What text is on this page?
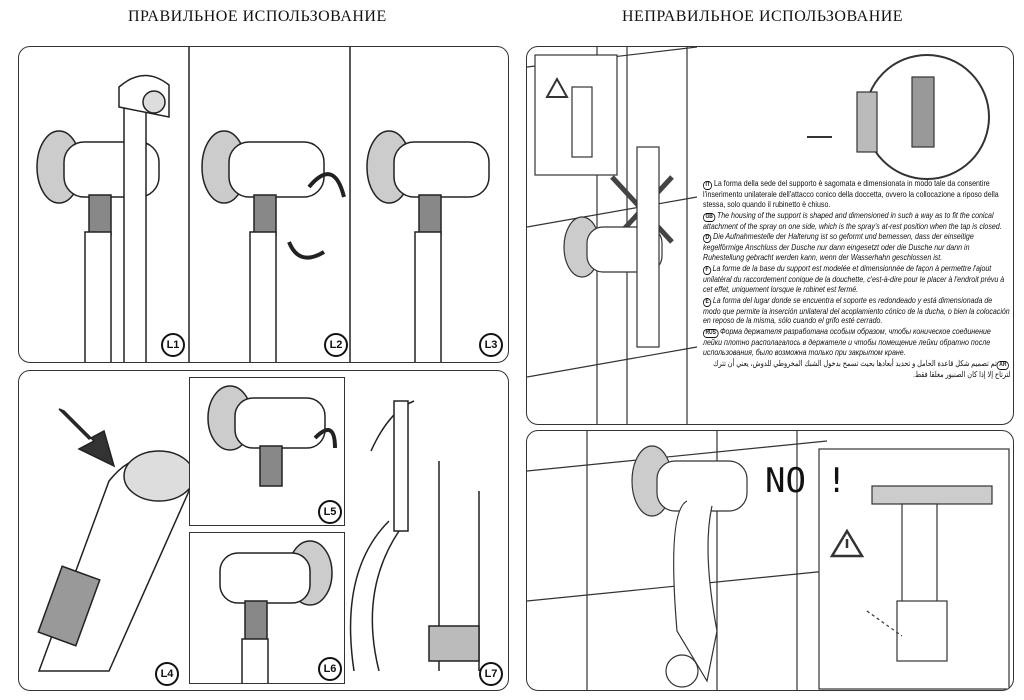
ПРАВИЛЬНОЕ ИСПОЛЬЗОВАНИЕ	НЕПРАВИЛЬНОЕ ИСПОЛЬЗОВАНИЕ
L1	L2	L3
L5
L6	L7
L4

IT La forma della sede del supporto è sagomata e dimensionata in modo tale da consentire l'inserimento unilaterale dell'attacco conico della doccetta, ovvero la collocazione a riposo della stessa, solo quando il rubinetto è chiuso.

GB The housing of the support is shaped and dimensioned in such a way as to fit the conical attachment of the spray on one side, which is the spray's at-rest position when the tap is closed.

D Die Aufnahmestelle der Halterung ist so geformt und bemessen, dass der einseitige kegelförmige Anschluss der Dusche nur dann eingesetzt oder die Dusche nur dann in Ruhestellung gebracht werden kann, wenn der Wasserhahn geschlossen ist.

F La forme de la base du support est modelée et dimensionnée de façon à permettre l'ajout unilatéral du raccordement conique de la douchette, c'est-à-dire pour le placer à l'endroit prévu à cet effet, uniquement lorsque le robinet est fermé.

E La forma del lugar donde se encuentra el soporte es redondeado y está dimensionada de modo que permite la inserción unilateral del acoplamiento cónico de la ducha, o bien la colocación en reposo de la misma, sólo cuando el grifo esté cerrado.

RUS Форма держателя разработана особым образом, чтобы коническое соединение лейки плотно располагалось в держателе и чтобы помещение лейки обратно после использования, было возможна только при закрытом кране.

ARتم تصميم شكل قاعدة الحامل و تحديد أبعادها بحيث تسمح بدخول الشبك المخروطي للدوش، يعني أن تترك لترتاح إلا إذا كان الصنبور مغلقا فقط.

NO !
